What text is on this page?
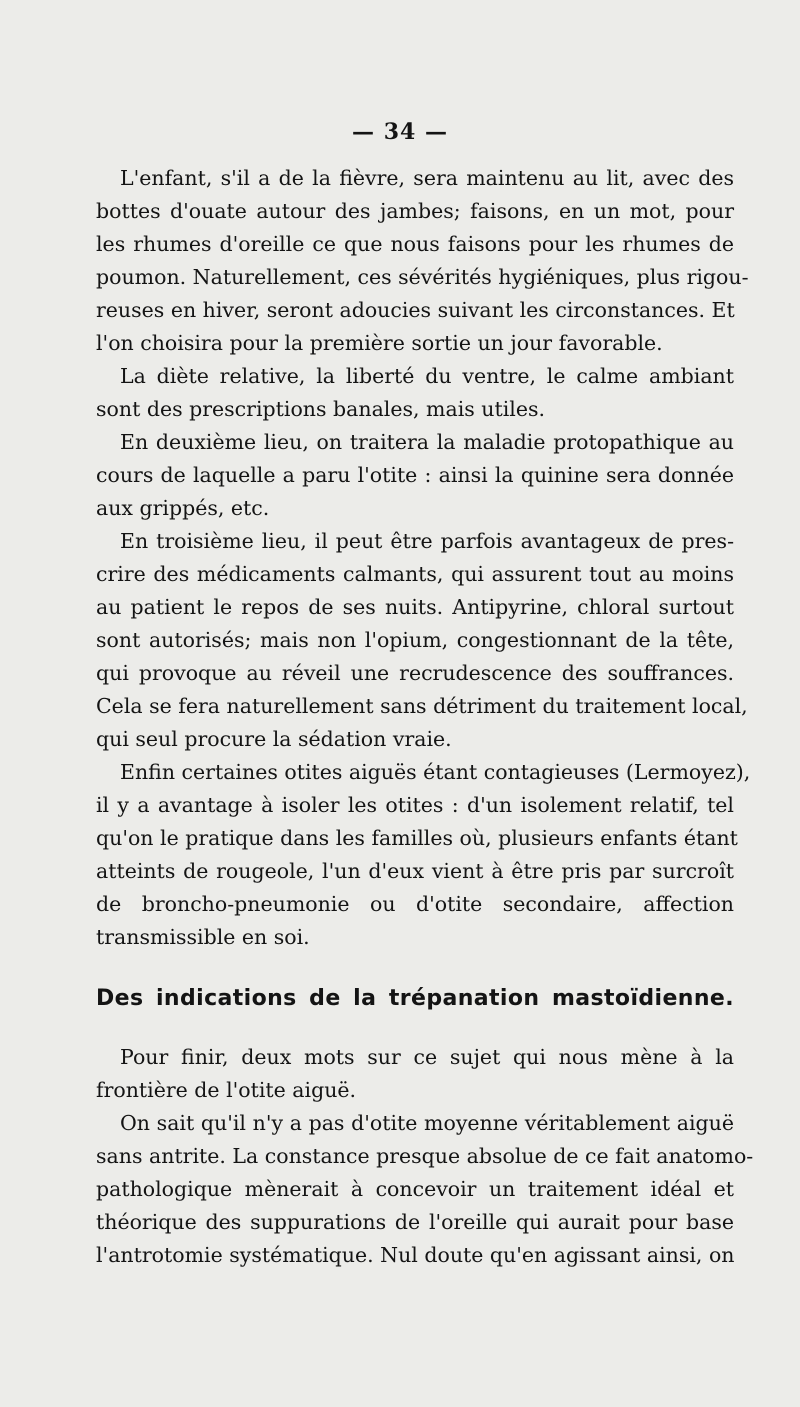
— 34 —
L'enfant, s'il a de la fièvre, sera maintenu au lit, avec des
bottes d'ouate autour des jambes; faisons, en un mot, pour
les rhumes d'oreille ce que nous faisons pour les rhumes de
poumon. Naturellement, ces sévérités hygiéniques, plus rigou-
reuses en hiver, seront adoucies suivant les circonstances. Et
l'on choisira pour la première sortie un jour favorable.
La diète relative, la liberté du ventre, le calme ambiant
sont des prescriptions banales, mais utiles.
En deuxième lieu, on traitera la maladie protopathique au
cours de laquelle a paru l'otite : ainsi la quinine sera donnée
aux grippés, etc.
En troisième lieu, il peut être parfois avantageux de pres-
crire des médicaments calmants, qui assurent tout au moins
au patient le repos de ses nuits. Antipyrine, chloral surtout
sont autorisés; mais non l'opium, congestionnant de la tête,
qui provoque au réveil une recrudescence des souffrances.
Cela se fera naturellement sans détriment du traitement local,
qui seul procure la sédation vraie.
Enfin certaines otites aiguës étant contagieuses (Lermoyez),
il y a avantage à isoler les otites : d'un isolement relatif, tel
qu'on le pratique dans les familles où, plusieurs enfants étant
atteints de rougeole, l'un d'eux vient à être pris par surcroît
de broncho-pneumonie ou d'otite secondaire, affection
transmissible en soi.
Des indications de la trépanation mastoïdienne.
Pour finir, deux mots sur ce sujet qui nous mène à la
frontière de l'otite aiguë.
On sait qu'il n'y a pas d'otite moyenne véritablement aiguë
sans antrite. La constance presque absolue de ce fait anatomo-
pathologique mènerait à concevoir un traitement idéal et
théorique des suppurations de l'oreille qui aurait pour base
l'antrotomie systématique. Nul doute qu'en agissant ainsi, on
